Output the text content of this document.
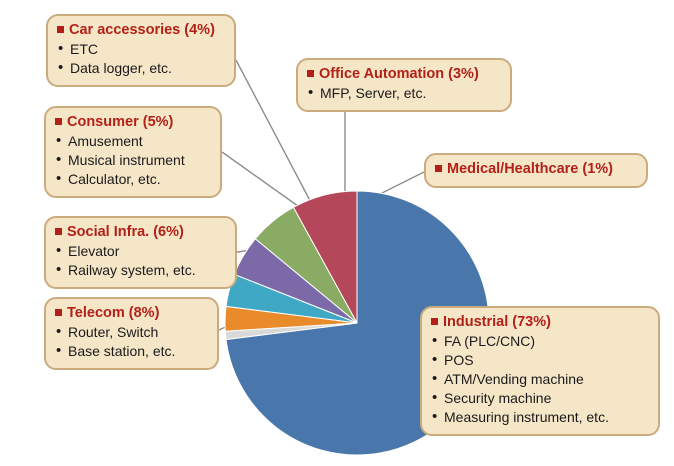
Car accessories (4%)
• ETC
• Data logger, etc.	Office Automation (3%)
• MFP, Server, etc.
Medical/Healthcare (1%)
Consumer (5%)
• Amusement
• Musical instrument
• Calculator, etc.
Social Infra. (6%)
• Elevator
• Railway system, etc.
Telecom (8%)
• Router, Switch
• Base station, etc.
Industrial (73%)
• FA (PLC/CNC)
• POS
• ATM/Vending machine
• Security machine
• Measuring instrument, etc.
